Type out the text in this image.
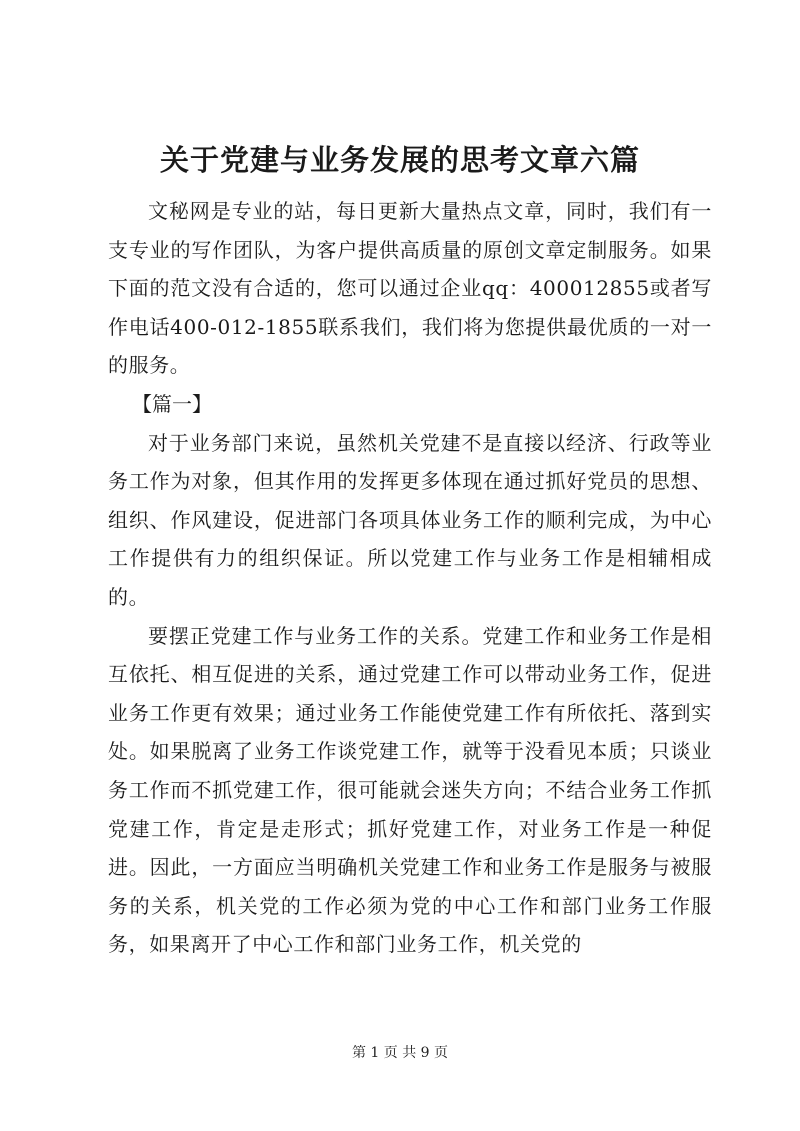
关于党建与业务发展的思考文章六篇

文秘网是专业的站，每日更新大量热点文章，同时，我们有一支专业的写作团队，为客户提供高质量的原创文章定制服务。如果下面的范文没有合适的，您可以通过企业qq：400012855或者写作电话400-012-1855联系我们，我们将为您提供最优质的一对一的服务。

【篇一】

对于业务部门来说，虽然机关党建不是直接以经济、行政等业务工作为对象，但其作用的发挥更多体现在通过抓好党员的思想、组织、作风建设，促进部门各项具体业务工作的顺利完成，为中心工作提供有力的组织保证。所以党建工作与业务工作是相辅相成的。

要摆正党建工作与业务工作的关系。党建工作和业务工作是相互依托、相互促进的关系，通过党建工作可以带动业务工作，促进业务工作更有效果；通过业务工作能使党建工作有所依托、落到实处。如果脱离了业务工作谈党建工作，就等于没看见本质；只谈业务工作而不抓党建工作，很可能就会迷失方向；不结合业务工作抓党建工作，肯定是走形式；抓好党建工作，对业务工作是一种促进。因此，一方面应当明确机关党建工作和业务工作是服务与被服务的关系，机关党的工作必须为党的中心工作和部门业务工作服务，如果离开了中心工作和部门业务工作，机关党的

第 1 页 共 9 页
